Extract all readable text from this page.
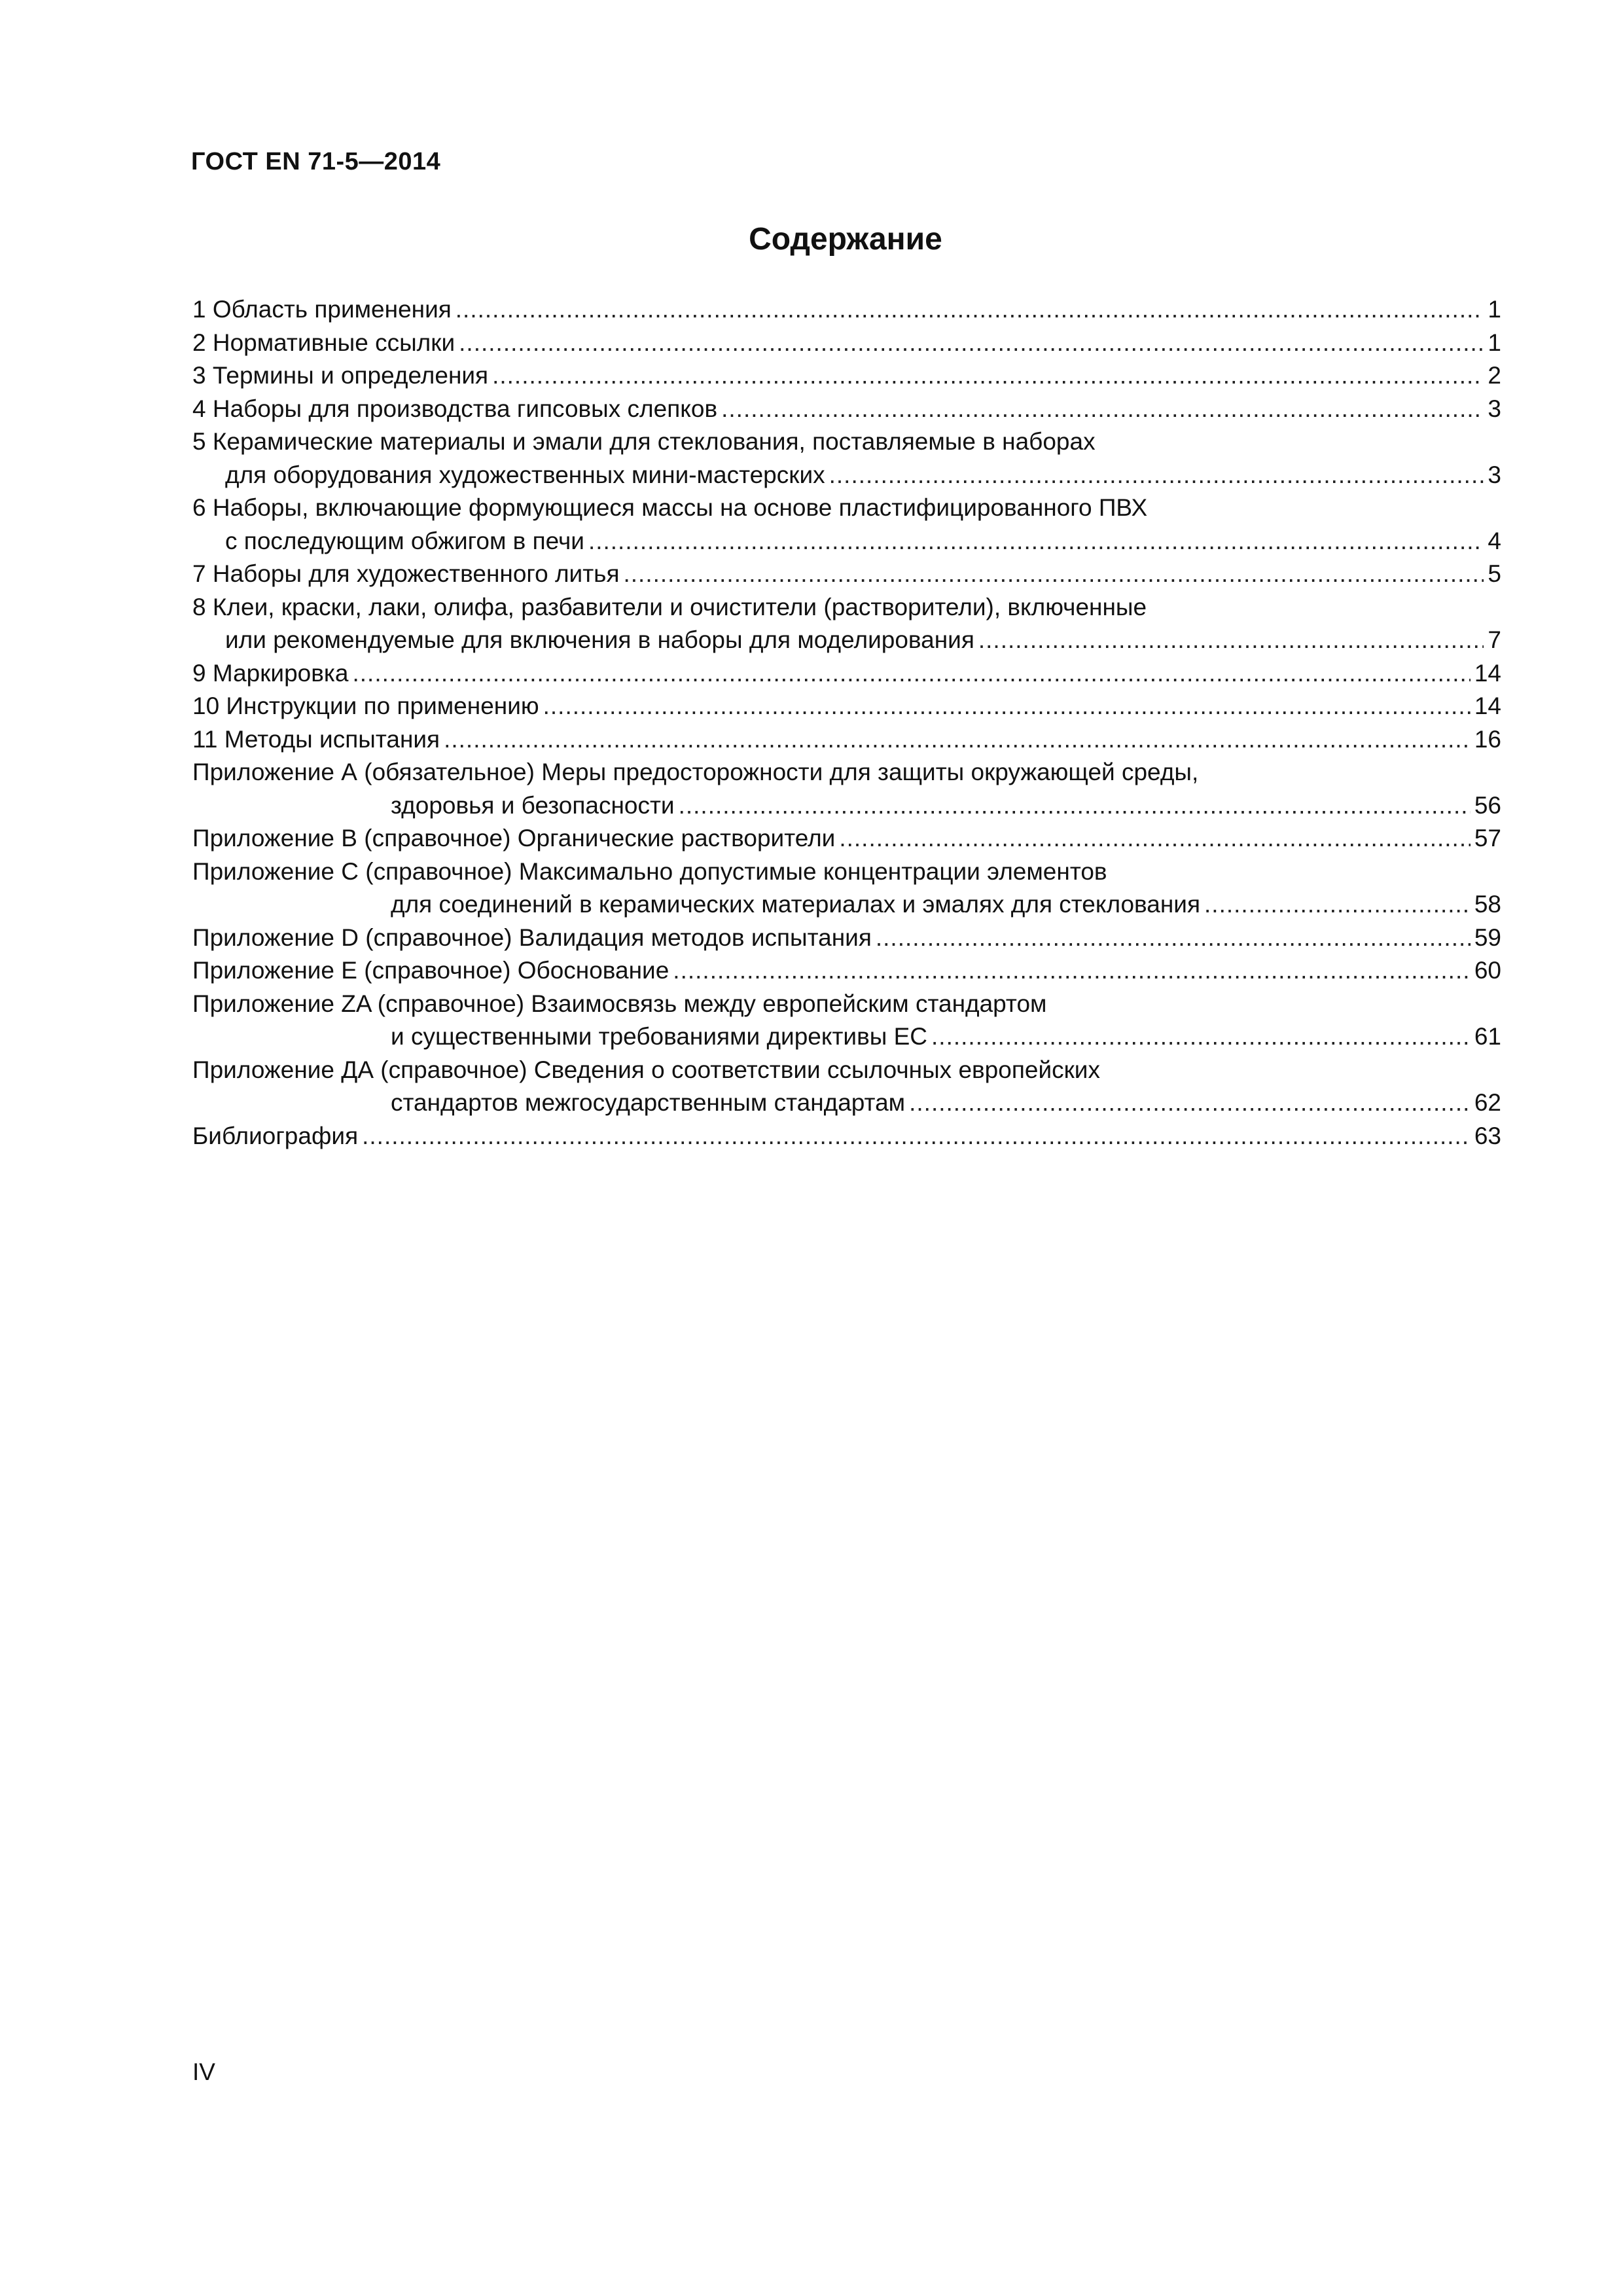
ГОСТ EN 71-5—2014
Содержание
1 Область применения .....	1
2 Нормативные ссылки .....	1
3 Термины и определения .....	2
4 Наборы для производства гипсовых слепков .....	3
5 Керамические материалы и эмали для стеклования, поставляемые в наборах
для оборудования художественных мини-мастерских .....	3
6 Наборы, включающие формующиеся массы на основе пластифицированного ПВХ
с последующим обжигом в печи .....	4
7 Наборы для художественного литья .....	5
8 Клеи, краски, лаки, олифа, разбавители и очистители (растворители), включенные
или рекомендуемые для включения в наборы для моделирования .....	7
9 Маркировка .....	14
10 Инструкции по применению .....	14
11 Методы испытания .....	16
Приложение А (обязательное) Меры предосторожности для защиты окружающей среды,
здоровья и безопасности .....	56
Приложение В (справочное) Органические растворители .....	57
Приложение С (справочное) Максимально допустимые концентрации элементов
для соединений в керамических материалах и эмалях для стеклования .....	58
Приложение D (справочное) Валидация методов испытания .....	59
Приложение E (справочное) Обоснование .....	60
Приложение ZA (справочное) Взаимосвязь между европейским стандартом
и существенными требованиями директивы ЕС .....	61
Приложение ДА (справочное) Сведения о соответствии ссылочных европейских
стандартов межгосударственным стандартам .....	62
Библиография .....	63
IV
